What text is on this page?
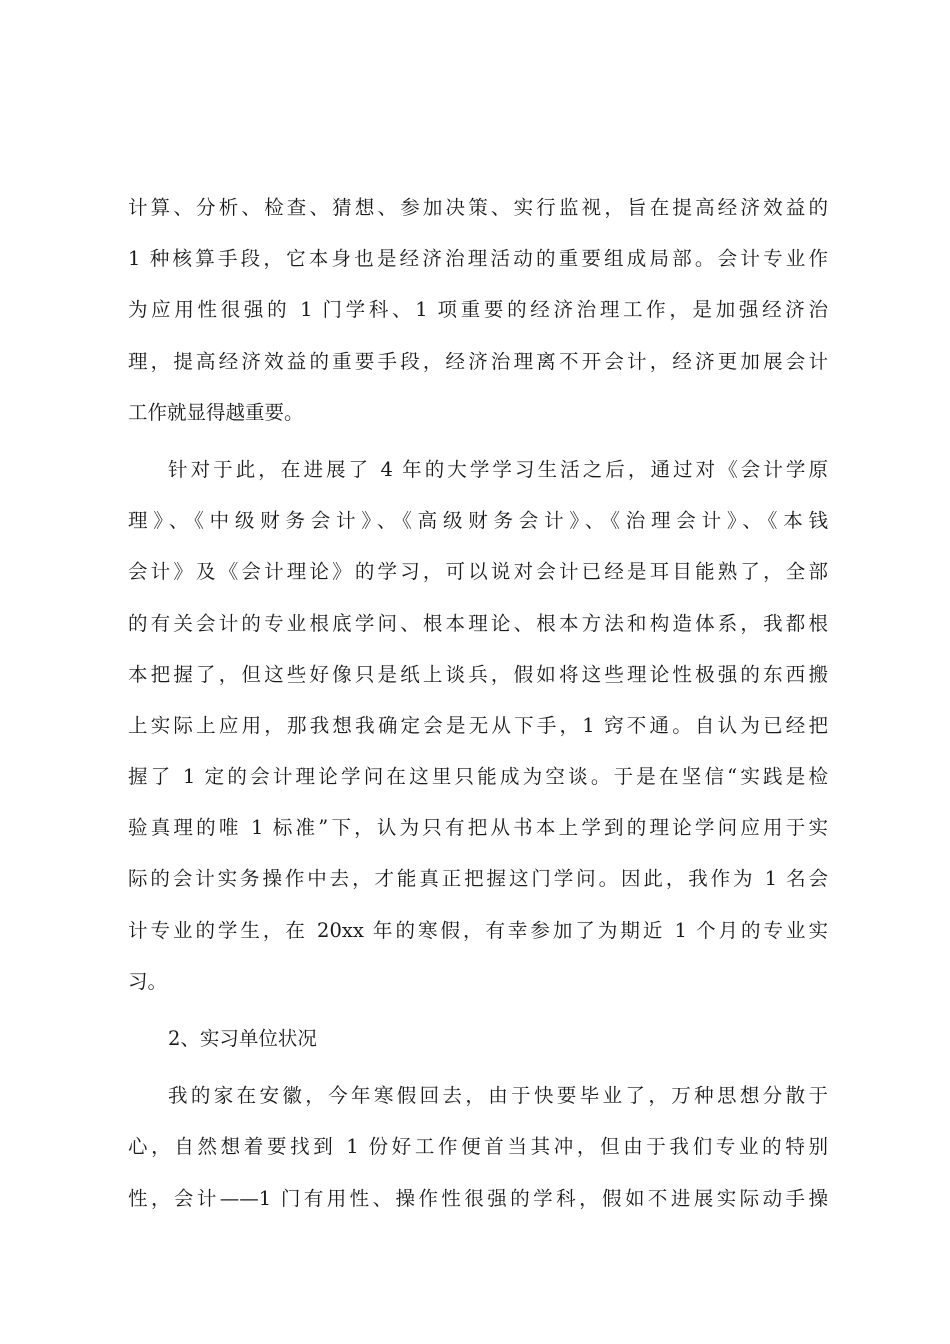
计算、分析、检查、猜想、参加决策、实行监视，旨在提高经济效益的
1 种核算手段，它本身也是经济治理活动的重要组成局部。会计专业作
为应用性很强的 1 门学科、1 项重要的经济治理工作，是加强经济治
理，提高经济效益的重要手段，经济治理离不开会计，经济更加展会计
工作就显得越重要。
针对于此，在进展了 4 年的大学学习生活之后，通过对《会计学原
理》、《中级财务会计》、《高级财务会计》、《治理会计》、《本钱
会计》及《会计理论》的学习，可以说对会计已经是耳目能熟了，全部
的有关会计的专业根底学问、根本理论、根本方法和构造体系，我都根
本把握了，但这些好像只是纸上谈兵，假如将这些理论性极强的东西搬
上实际上应用，那我想我确定会是无从下手，1 窍不通。自认为已经把
握了 1 定的会计理论学问在这里只能成为空谈。于是在坚信“实践是检
验真理的唯 1 标准”下，认为只有把从书本上学到的理论学问应用于实
际的会计实务操作中去，才能真正把握这门学问。因此，我作为 1 名会
计专业的学生，在 20xx 年的寒假，有幸参加了为期近 1 个月的专业实
习。
2、实习单位状况
我的家在安徽，今年寒假回去，由于快要毕业了，万种思想分散于
心，自然想着要找到 1 份好工作便首当其冲，但由于我们专业的特别
性，会计——1 门有用性、操作性很强的学科，假如不进展实际动手操
